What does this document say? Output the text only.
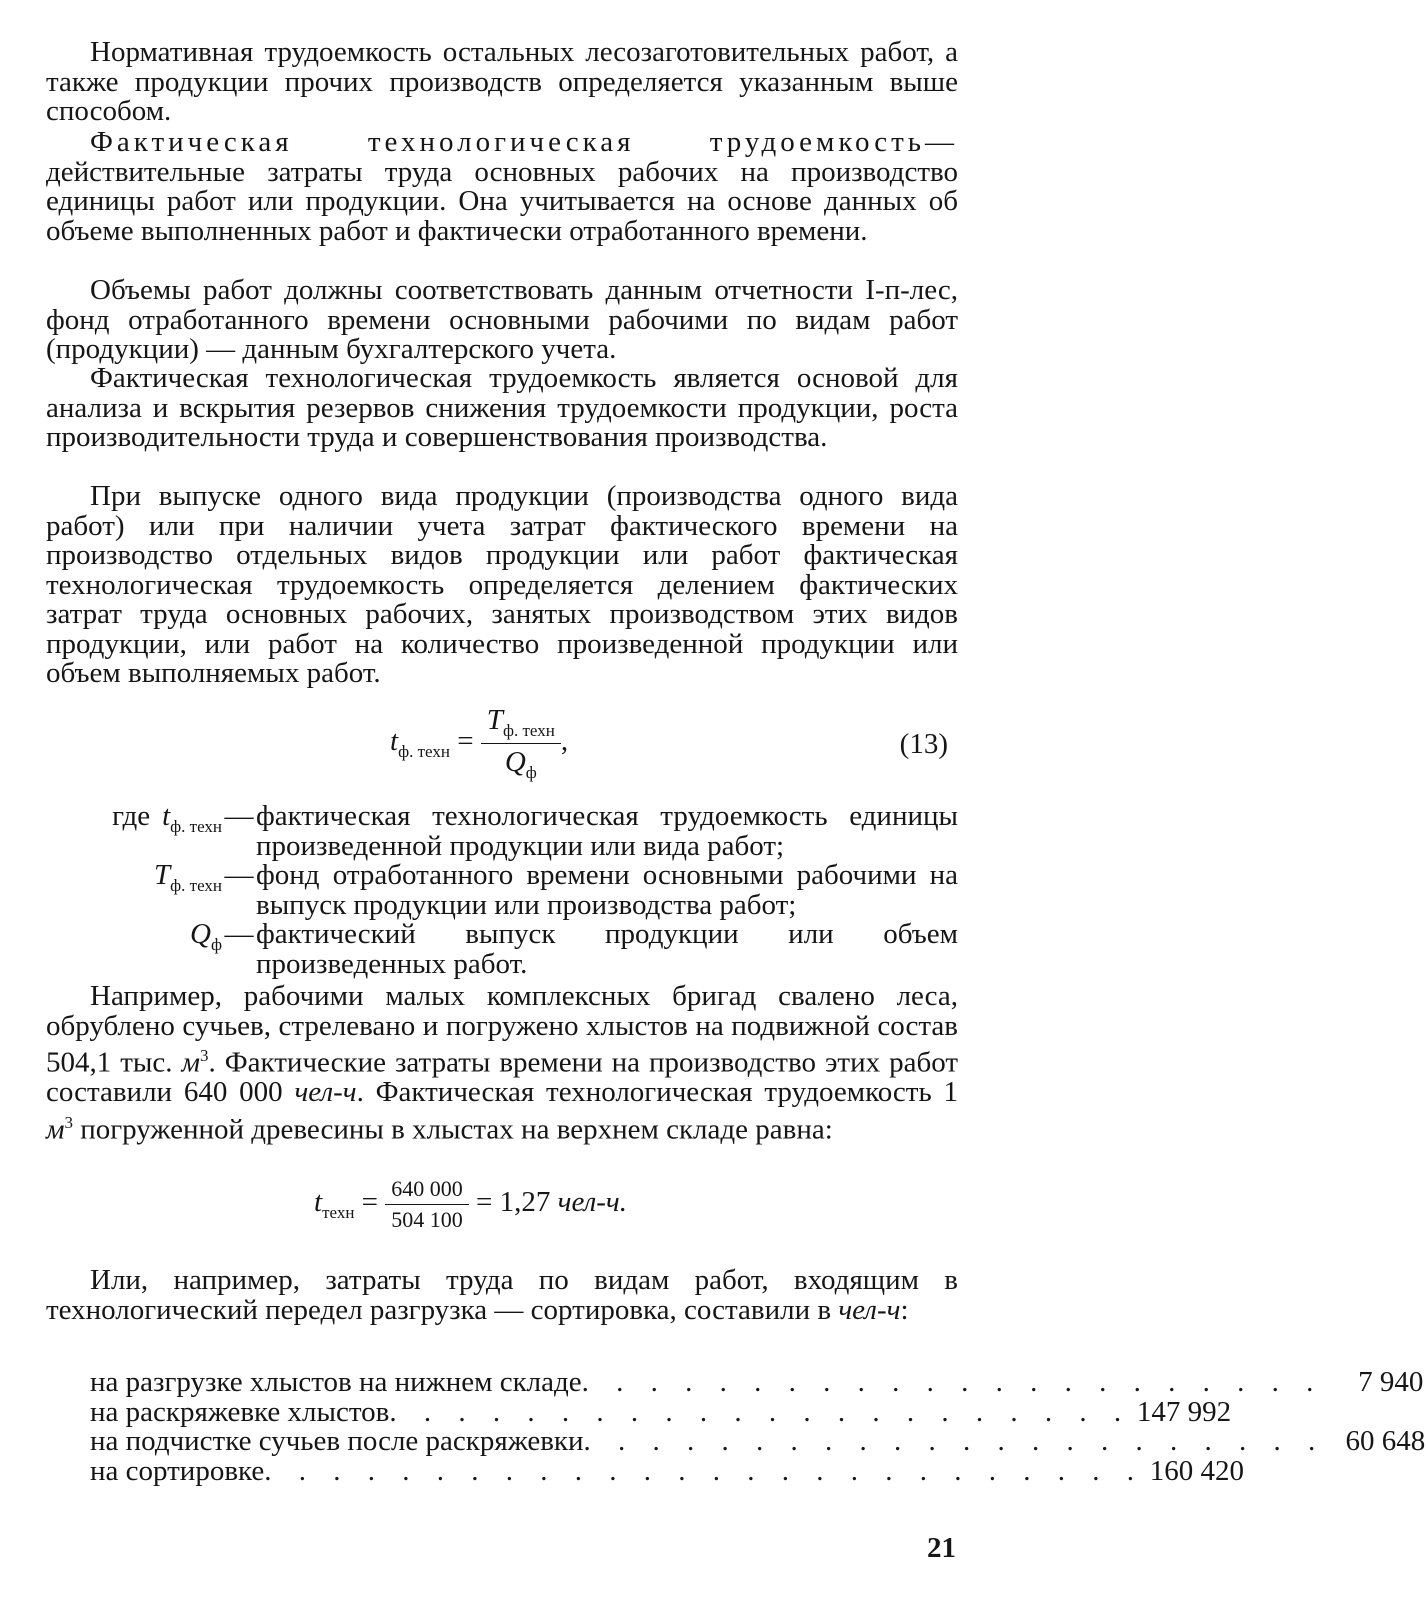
Нормативная трудоемкость остальных лесозаготовительных работ, а также продукции прочих производств определяется указанным выше способом.

Фактическая технологическая трудоемкость— действительные затраты труда основных рабочих на производство единицы работ или продукции. Она учитывается на основе данных об объеме выполненных работ и фактически отработанного времени.

Объемы работ должны соответствовать данным отчетности І-п-лес, фонд отработанного времени основными рабочими по видам работ (продукции) — данным бухгалтерского учета.

Фактическая технологическая трудоемкость является основой для анализа и вскрытия резервов снижения трудоемкости продукции, роста производительности труда и совершенствования производства.

При выпуске одного вида продукции (производства одного вида работ) или при наличии учета затрат фактического времени на производство отдельных видов продукции или работ фактическая технологическая трудоемкость определяется делением фактических затрат труда основных рабочих, занятых производством этих видов продукции, или работ на количество произведенной продукции или объем выполняемых работ.

$t_{ф. техн} = \frac{T_{ф. техн}}{Q_ф}$ ,	(13)
где $t_{ф. техн}$ — фактическая технологическая трудоемкость единицы произведенной продукции или вида работ;
$T_{ф. техн}$ — фонд отработанного времени основными рабочими на выпуск продукции или производства работ;
$Q_ф$ — фактический выпуск продукции или объем произведенных работ.

Например, рабочими малых комплексных бригад свалено леса, обрублено сучьев, стрелевано и погружено хлыстов на подвижной состав 504,1 тыс. $м^3$. Фактические затраты времени на производство этих работ составили 640 000 чел-ч. Фактическая технологическая трудоемкость 1 $м^3$ погруженной древесины в хлыстах на верхнем складе равна:

$t_{техн} = \frac{640 000}{504 100} = 1,27$ чел-ч.

Или, например, затраты труда по видам работ, входящим в технологический передел разгрузка — сортировка, составили в чел-ч:

на разгрузке хлыстов на нижнем складе . . . . . . . . . . . . . . . . . . . . . .	7 940
на раскряжевке хлыстов . . . . . . . . . . . . . . . . . . . . . . 147 992
на подчистке сучьев после раскряжевки . . . . . . . . . . . . . . . . . . . . . . 60 648
на сортировке . . . . . . . . . . . . . . . . . . . . . . . . . . 160 420
21
